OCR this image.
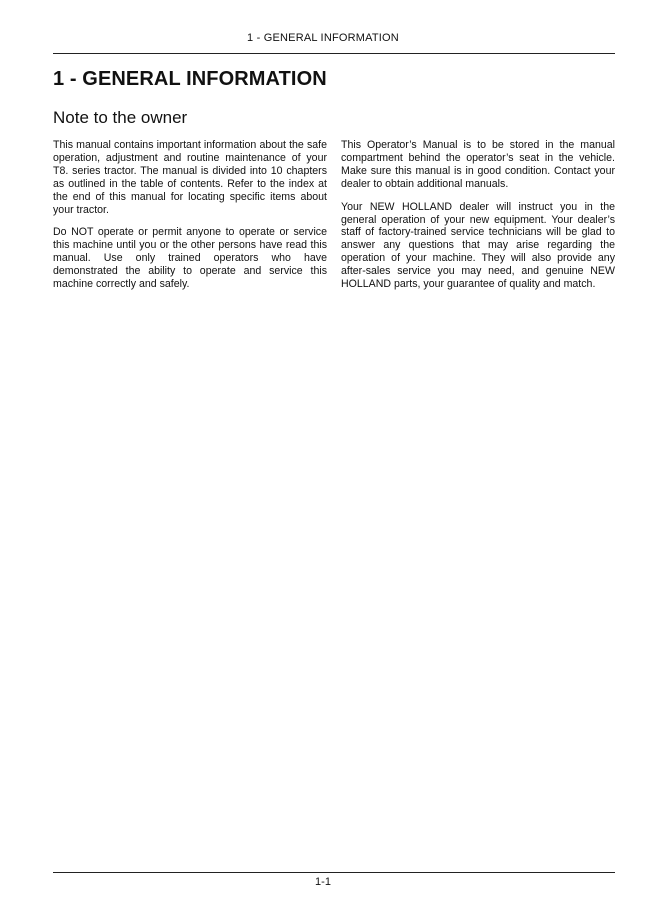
1 - GENERAL INFORMATION
1 - GENERAL INFORMATION
Note to the owner

This manual contains important information about the safe operation, adjustment and routine maintenance of your T8. series tractor. The manual is divided into 10 chapters as outlined in the table of contents. Refer to the index at the end of this manual for locating specific items about your tractor.

Do NOT operate or permit anyone to operate or service this machine until you or the other persons have read this manual. Use only trained operators who have demonstrated the ability to operate and service this machine correctly and safely.

This Operator’s Manual is to be stored in the manual compartment behind the operator’s seat in the vehicle. Make sure this manual is in good condition. Contact your dealer to obtain additional manuals.

Your NEW HOLLAND dealer will instruct you in the general operation of your new equipment. Your dealer’s staff of factory-trained service technicians will be glad to answer any questions that may arise regarding the operation of your machine. They will also provide any after-sales service you may need, and genuine NEW HOLLAND parts, your guarantee of quality and match.

1-1
